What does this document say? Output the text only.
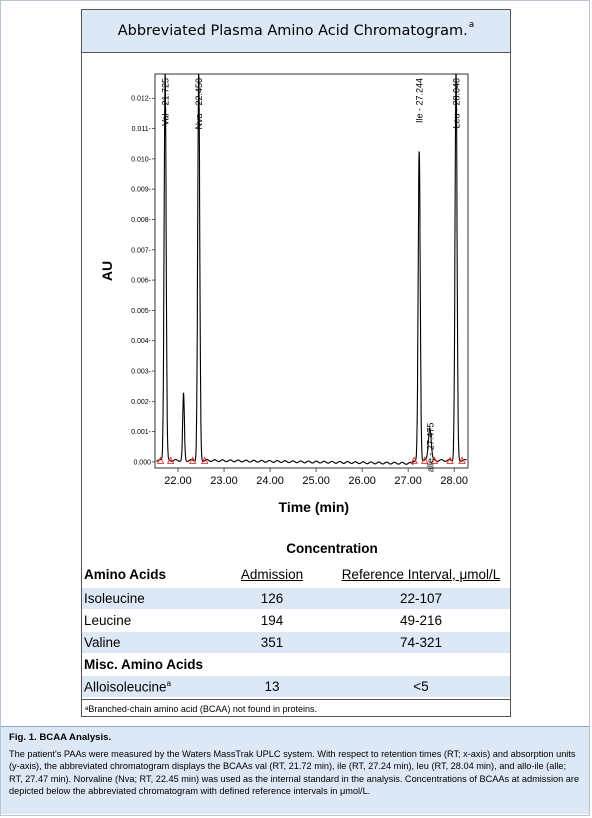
Abbreviated Plasma Amino Acid Chromatogram.$^a$
0.000
0.001-
0.002-
0.003-
0.004-
0.005-
0.006-
0.007-
0.008-
0.009-
0.010-
0.011-
0.012-
22.00 23.00 24.00 25.00 26.00 27.00 28.00
Time (min)
AU
Val - 21.725	Nva - 22.450	Ile - 27.244
alle - 27.475
Leu - 28.040
Concentration
Amino Acids	Admission	Reference Interval, μmol/L
Isoleucine	126	22-107
Leucine	194	49-216
Valine	351	74-321
Misc. Amino Acids
Alloisoleucine$^a$	13	<5
ᵃBranched-chain amino acid (BCAA) not found in proteins.
Fig. 1. BCAA Analysis.
The patient's PAAs were measured by the Waters MassTrak UPLC system. With respect to retention times (RT; x-axis) and absorption units (y-axis), the abbreviated chromatogram displays the BCAAs val (RT, 21.72 min), ile (RT, 27.24 min), leu (RT, 28.04 min), and allo-ile (alle; RT, 27.47 min). Norvaline (Nva; RT, 22.45 min) was used as the internal standard in the analysis. Concentrations of BCAAs at admission are depicted below the abbreviated chromatogram with defined reference intervals in μmol/L.
